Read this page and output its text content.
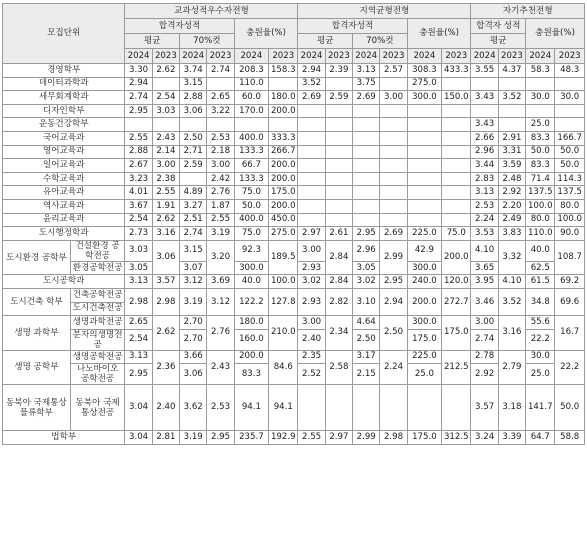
모집단위		교과성적우수자전형						지역균형전형						자기추천전형			
		합격자성적				충원율(%)		합격자성적				충원율(%)		합격자 성적		충원율(%)	
		평균		70%컷				평균		70%컷				평균			
		2024	2023	2024	2023	2024	2023	2024	2023	2024	2023	2024	2023	2024	2023	2024	2023
경영학부		3.30	2.62	3.74	2.74	208.3	158.3	2.94	2.39	3.13	2.57	308.3	433.3	3.55	4.37	58.3	48.3
데이터과학과		2.94		3.15		110.0		3.52		3.75		275.0					
세무회계학과		2.74	2.54	2.88	2.65	60.0	180.0	2.69	2.59	2.69	3.00	300.0	150.0	3.43	3.52	30.0	30.0
디자인학부		2.95	3.03	3.06	3.22	170.0	200.0										
운동건강학부														3.43		25.0	
국어교육과		2.55	2.43	2.50	2.53	400.0	333.3							2.66	2.91	83.3	166.7
영어교육과		2.88	2.14	2.71	2.18	133.3	266.7							2.96	3.31	50.0	50.0
일어교육과		2.67	3.00	2.59	3.00	66.7	200.0							3.44	3.59	83.3	50.0
수학교육과		3.23	2.38		2.42	133.3	200.0							2.83	2.48	71.4	114.3
유아교육과		4.01	2.55	4.89	2.76	75.0	175.0							3.13	2.92	137.5	137.5
역사교육과		3.67	1.91	3.27	1.87	50.0	200.0							2.53	2.20	100.0	80.0
윤리교육과		2.54	2.62	2.51	2.55	400.0	450.0							2.24	2.49	80.0	100.0
도시행정학과		2.73	3.16	2.74	3.19	75.0	275.0	2.97	2.61	2.95	2.69	225.0	75.0	3.53	3.83	110.0	90.0
도시환경 공학부	건설환경 공학전공	3.03	3.06	3.15	3.20	92.3	189.5	3.00	2.84	2.96	2.99	42.9	200.0	4.10	3.32	40.0	108.7
	환경공학전공	3.05		3.07		300.0		2.93		3.05		300.0		3.65		62.5	
도시공학과		3.13	3.57	3.12	3.69	40.0	100.0	3.02	2.84	3.02	2.95	240.0	120.0	3.95	4.10	61.5	69.2
도시건축 학부	건축공학전공	2.98	2.98	3.19	3.12	122.2	127.8	2.93	2.82	3.10	2.94	200.0	272.7	3.46	3.52	34.8	69.6
	도시건축전공																
생명 과학부	생명과학전공	2.65	2.62	2.70	2.76	180.0	210.0	3.00	2.34	4.64	2.50	300.0	175.0	3.00	3.16	55.6	16.7
	분자의생명전공	2.54		2.70		160.0		2.40		2.50		175.0		2.74		22.2	
생명 공학부	생명공학전공	3.13	2.36	3.66	2.43	200.0	84.6	2.35	2.58	3.17	2.24	225.0	212.5	2.78	2.79	30.0	22.2
	나노바이오 공학전공	2.95		3.06		83.3		2.52		2.15		25.0		2.92		25.0	
동북아 국제통상 물류학부	동북아 국제 통상전공	3.04	2.40	3.62	2.53	94.1	94.1							3.57	3.18	141.7	50.0
법학부		3.04	2.81	3.19	2.95	235.7	192.9	2.55	2.97	2.99	2.98	175.0	312.5	3.24	3.39	64.7	58.8
